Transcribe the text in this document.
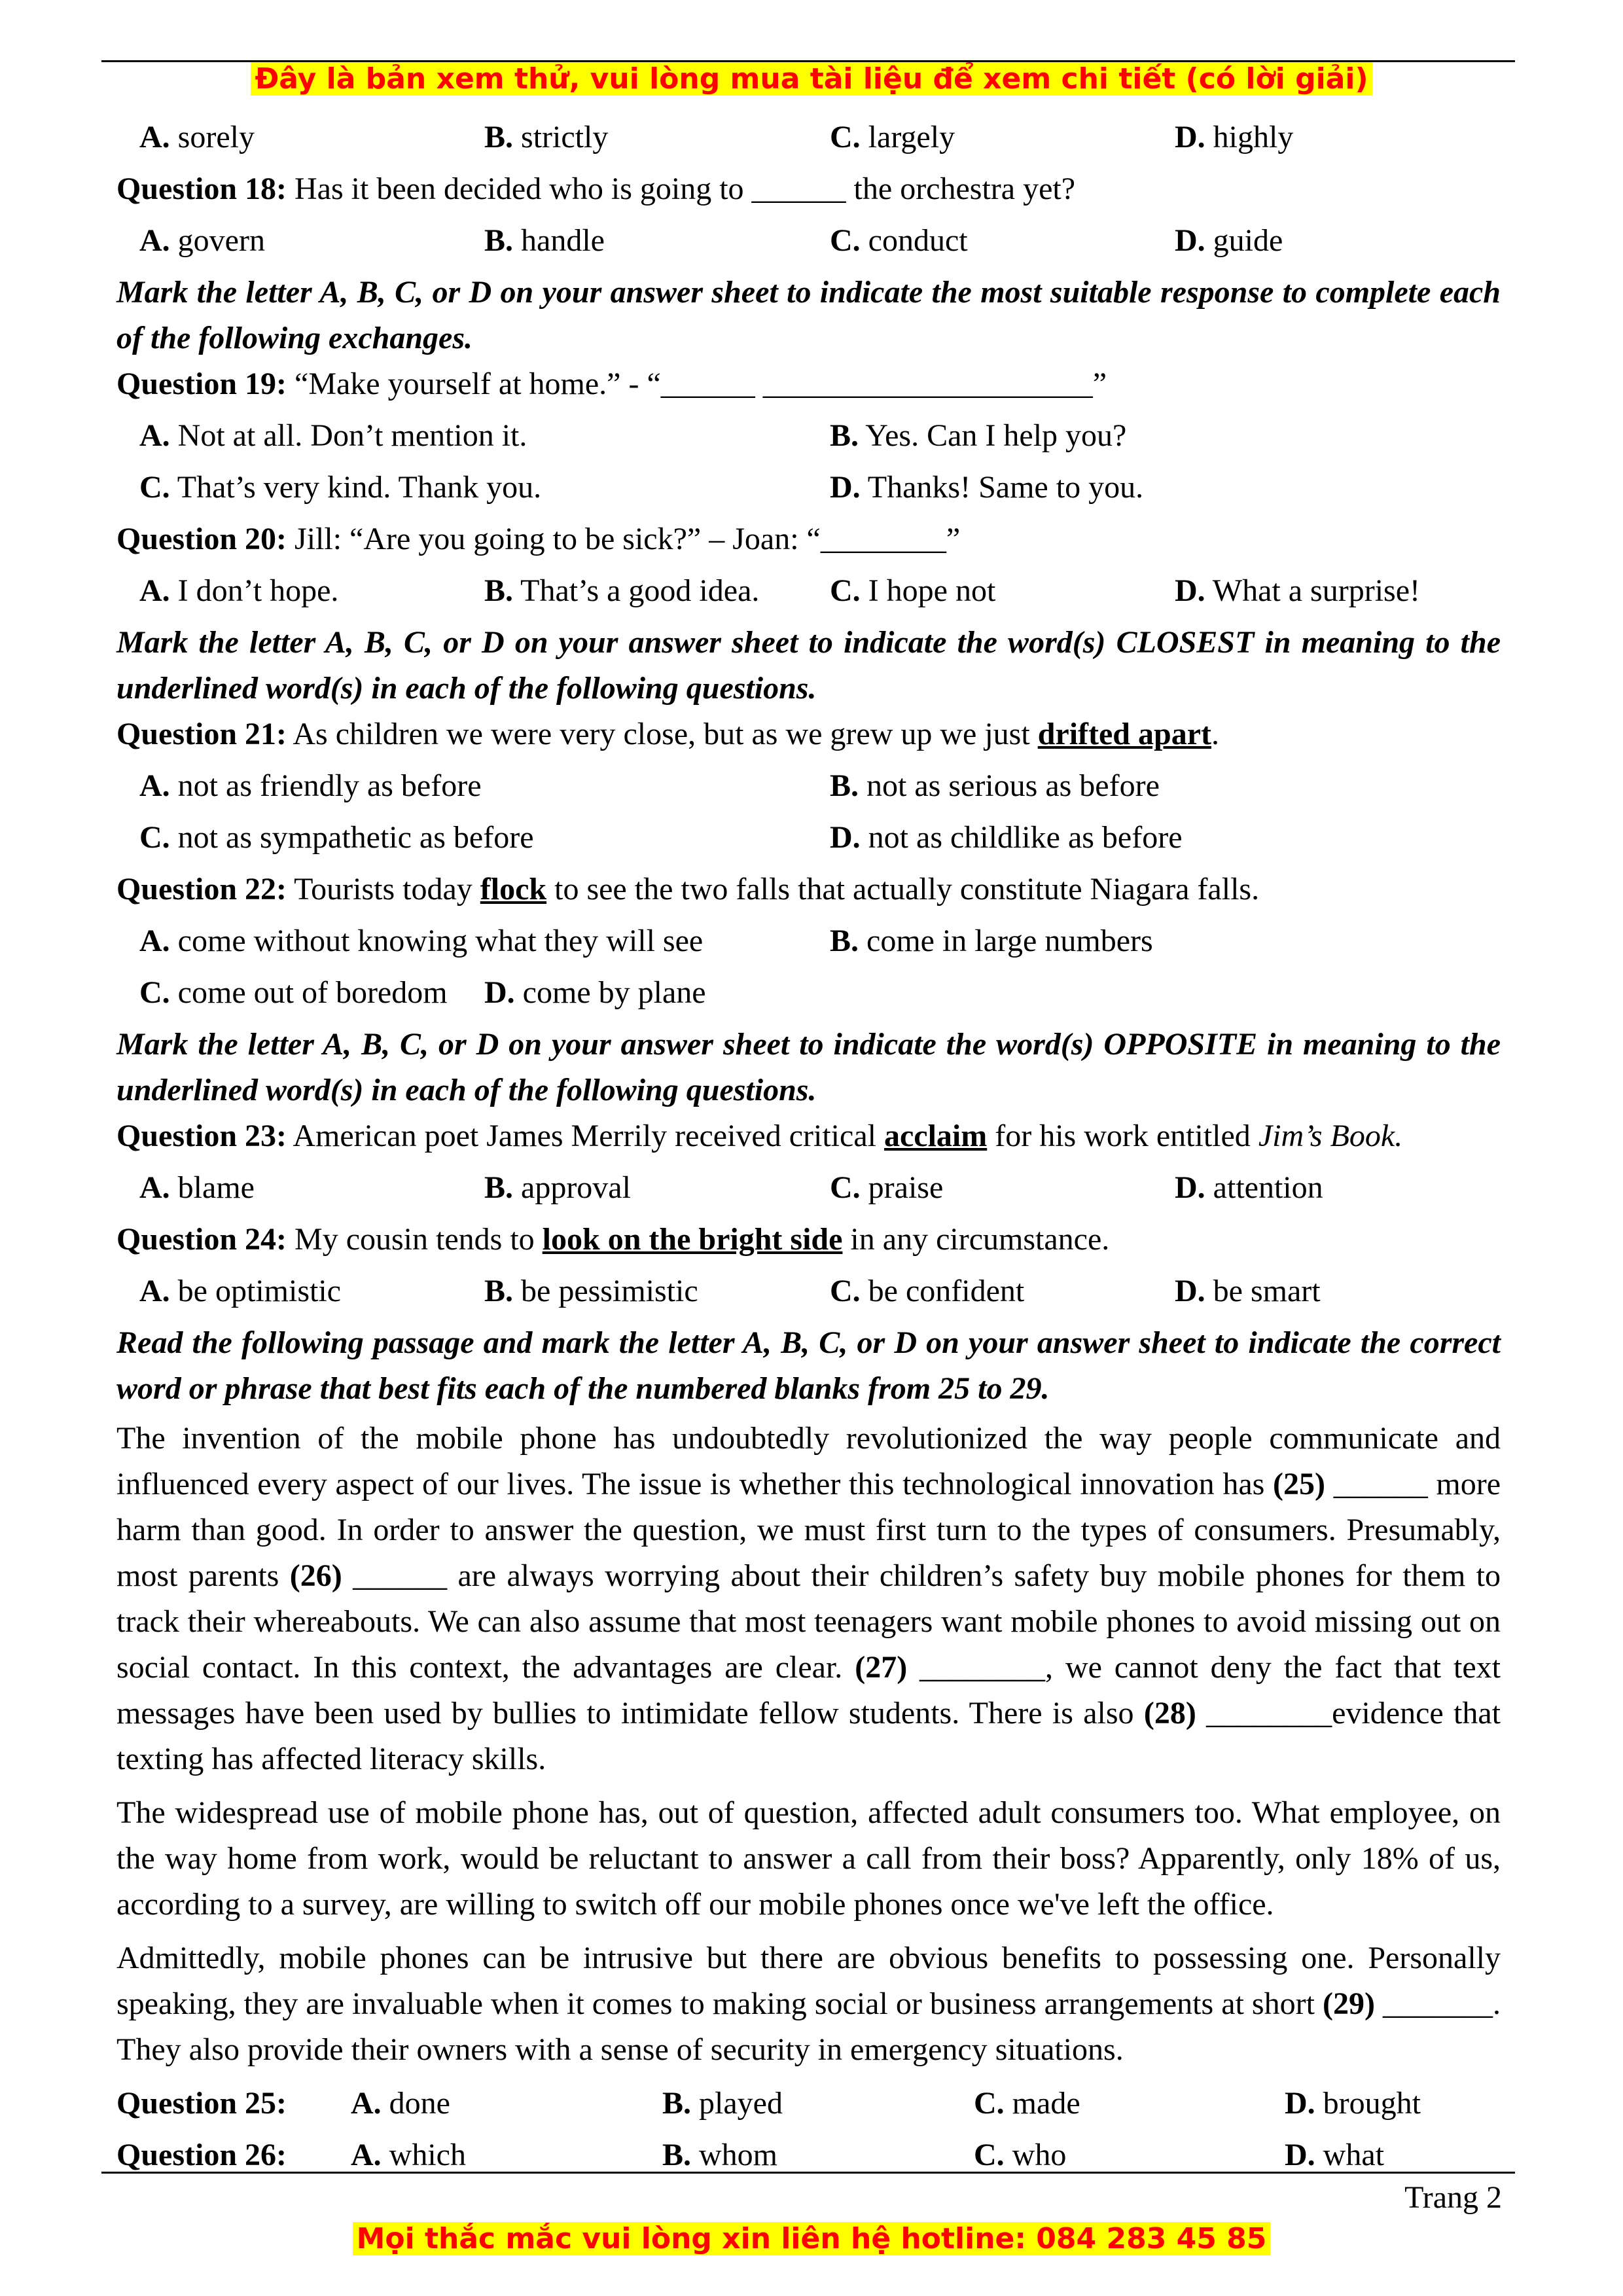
Đây là bản xem thử, vui lòng mua tài liệu để xem chi tiết (có lời giải)
A. sorely	B. strictly	C. largely	D. highly
Question 18: Has it been decided who is going to ______ the orchestra yet?
A. govern	B. handle	C. conduct	D. guide
Mark the letter A, B, C, or D on your answer sheet to indicate the most suitable response to complete each of the following exchanges.
Question 19: “Make yourself at home.” - “______ _____________________”
A. Not at all. Don’t mention it.	B. Yes. Can I help you?
C. That’s very kind. Thank you.	D. Thanks! Same to you.
Question 20: Jill: “Are you going to be sick?” – Joan: “________”
A. I don’t hope.	B. That’s a good idea. C. I hope not	D. What a surprise!
Mark the letter A, B, C, or D on your answer sheet to indicate the word(s) CLOSEST in meaning to the underlined word(s) in each of the following questions.
Question 21: As children we were very close, but as we grew up we just drifted apart.
A. not as friendly as before	B. not as serious as before
C. not as sympathetic as before	D. not as childlike as before
Question 22: Tourists today flock to see the two falls that actually constitute Niagara falls.
A. come without knowing what they will see	B. come in large numbers
C. come out of boredom D. come by plane
Mark the letter A, B, C, or D on your answer sheet to indicate the word(s) OPPOSITE in meaning to the underlined word(s) in each of the following questions.
Question 23: American poet James Merrily received critical acclaim for his work entitled Jim’s Book.
A. blame	B. approval	C. praise	D. attention
Question 24: My cousin tends to look on the bright side in any circumstance.
A. be optimistic	B. be pessimistic	C. be confident	D. be smart
Read the following passage and mark the letter A, B, C, or D on your answer sheet to indicate the correct word or phrase that best fits each of the numbered blanks from 25 to 29.
The invention of the mobile phone has undoubtedly revolutionized the way people communicate and influenced every aspect of our lives. The issue is whether this technological innovation has (25) ______ more harm than good. In order to answer the question, we must first turn to the types of consumers. Presumably, most parents (26) ______ are always worrying about their children’s safety buy mobile phones for them to track their whereabouts. We can also assume that most teenagers want mobile phones to avoid missing out on social contact. In this context, the advantages are clear. (27) ________, we cannot deny the fact that text messages have been used by bullies to intimidate fellow students. There is also (28) ________evidence that texting has affected literacy skills.
The widespread use of mobile phone has, out of question, affected adult consumers too. What employee, on the way home from work, would be reluctant to answer a call from their boss? Apparently, only 18% of us, according to a survey, are willing to switch off our mobile phones once we've left the office.
Admittedly, mobile phones can be intrusive but there are obvious benefits to possessing one. Personally speaking, they are invaluable when it comes to making social or business arrangements at short (29) _______. They also provide their owners with a sense of security in emergency situations.
Question 25: A. done	B. played	C. made	D. brought
Question 26: A. which	B. whom	C. who	D. what
Trang 2
Mọi thắc mắc vui lòng xin liên hệ hotline: 084 283 45 85
